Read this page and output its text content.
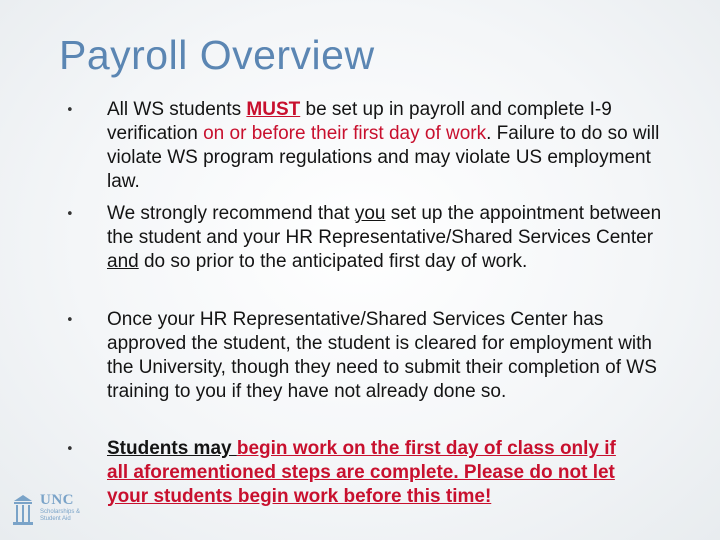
Payroll Overview
• All WS students MUST be set up in payroll and complete I-9 verification on or before their first day of work. Failure to do so will violate WS program regulations and may violate US employment law.
• We strongly recommend that you set up the appointment between the student and your HR Representative/Shared Services Center and do so prior to the anticipated first day of work.
• Once your HR Representative/Shared Services Center has approved the student, the student is cleared for employment with the University, though they need to submit their completion of WS training to you if they have not already done so.
• Students may begin work on the first day of class only if all aforementioned steps are complete. Please do not let your students begin work before this time!
UNC
Scholarships & Student Aid
